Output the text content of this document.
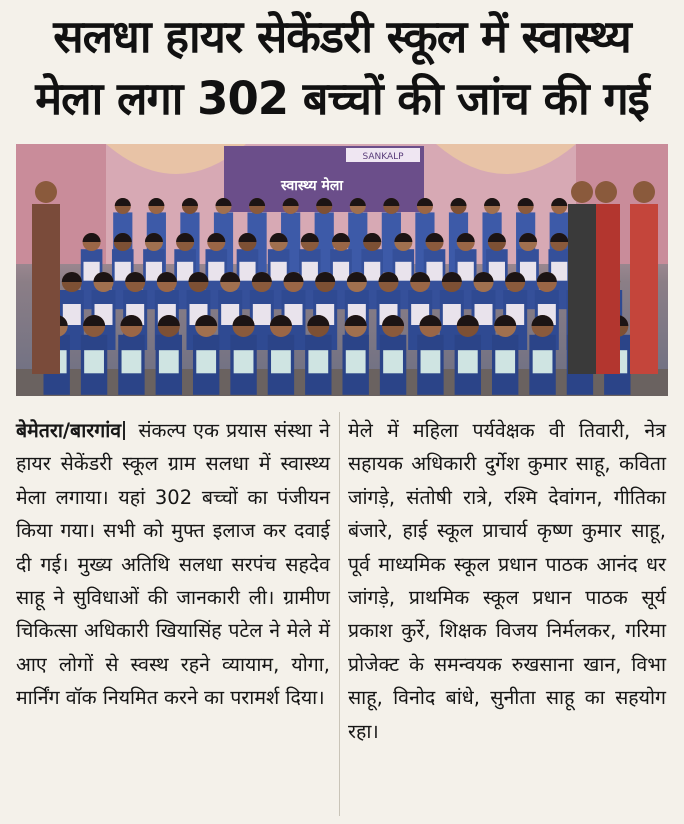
सलधा हायर सेकेंडरी स्कूल में स्वास्थ्य
मेला लगा 302 बच्चों की जांच की गई
SANKALP
स्वास्थ्य मेला
बेमेतरा/बारगांव संकल्प एक प्रयास संस्था ने हायर सेकेंडरी स्कूल ग्राम सलधा में स्वास्थ्य मेला लगाया। यहां 302 बच्चों का पंजीयन किया गया। सभी को मुफ्त इलाज कर दवाई दी गई। मुख्य अतिथि सलधा सरपंच सहदेव साहू ने सुविधाओं की जानकारी ली। ग्रामीण चिकित्सा अधिकारी खियासिंह पटेल ने मेले में आए लोगों से स्वस्थ रहने व्यायाम, योगा, मार्निंग वॉक नियमित करने का परामर्श दिया।
मेले में महिला पर्यवेक्षक वी तिवारी, नेत्र सहायक अधिकारी दुर्गेश कुमार साहू, कविता जांगड़े, संतोषी रात्रे, रश्मि देवांगन, गीतिका बंजारे, हाई स्कूल प्राचार्य कृष्ण कुमार साहू, पूर्व माध्यमिक स्कूल प्रधान पाठक आनंद धर जांगड़े, प्राथमिक स्कूल प्रधान पाठक सूर्य प्रकाश कुर्रे, शिक्षक विजय निर्मलकर, गरिमा प्रोजेक्ट के समन्वयक रुखसाना खान, विभा साहू, विनोद बांधे, सुनीता साहू का सहयोग रहा।
